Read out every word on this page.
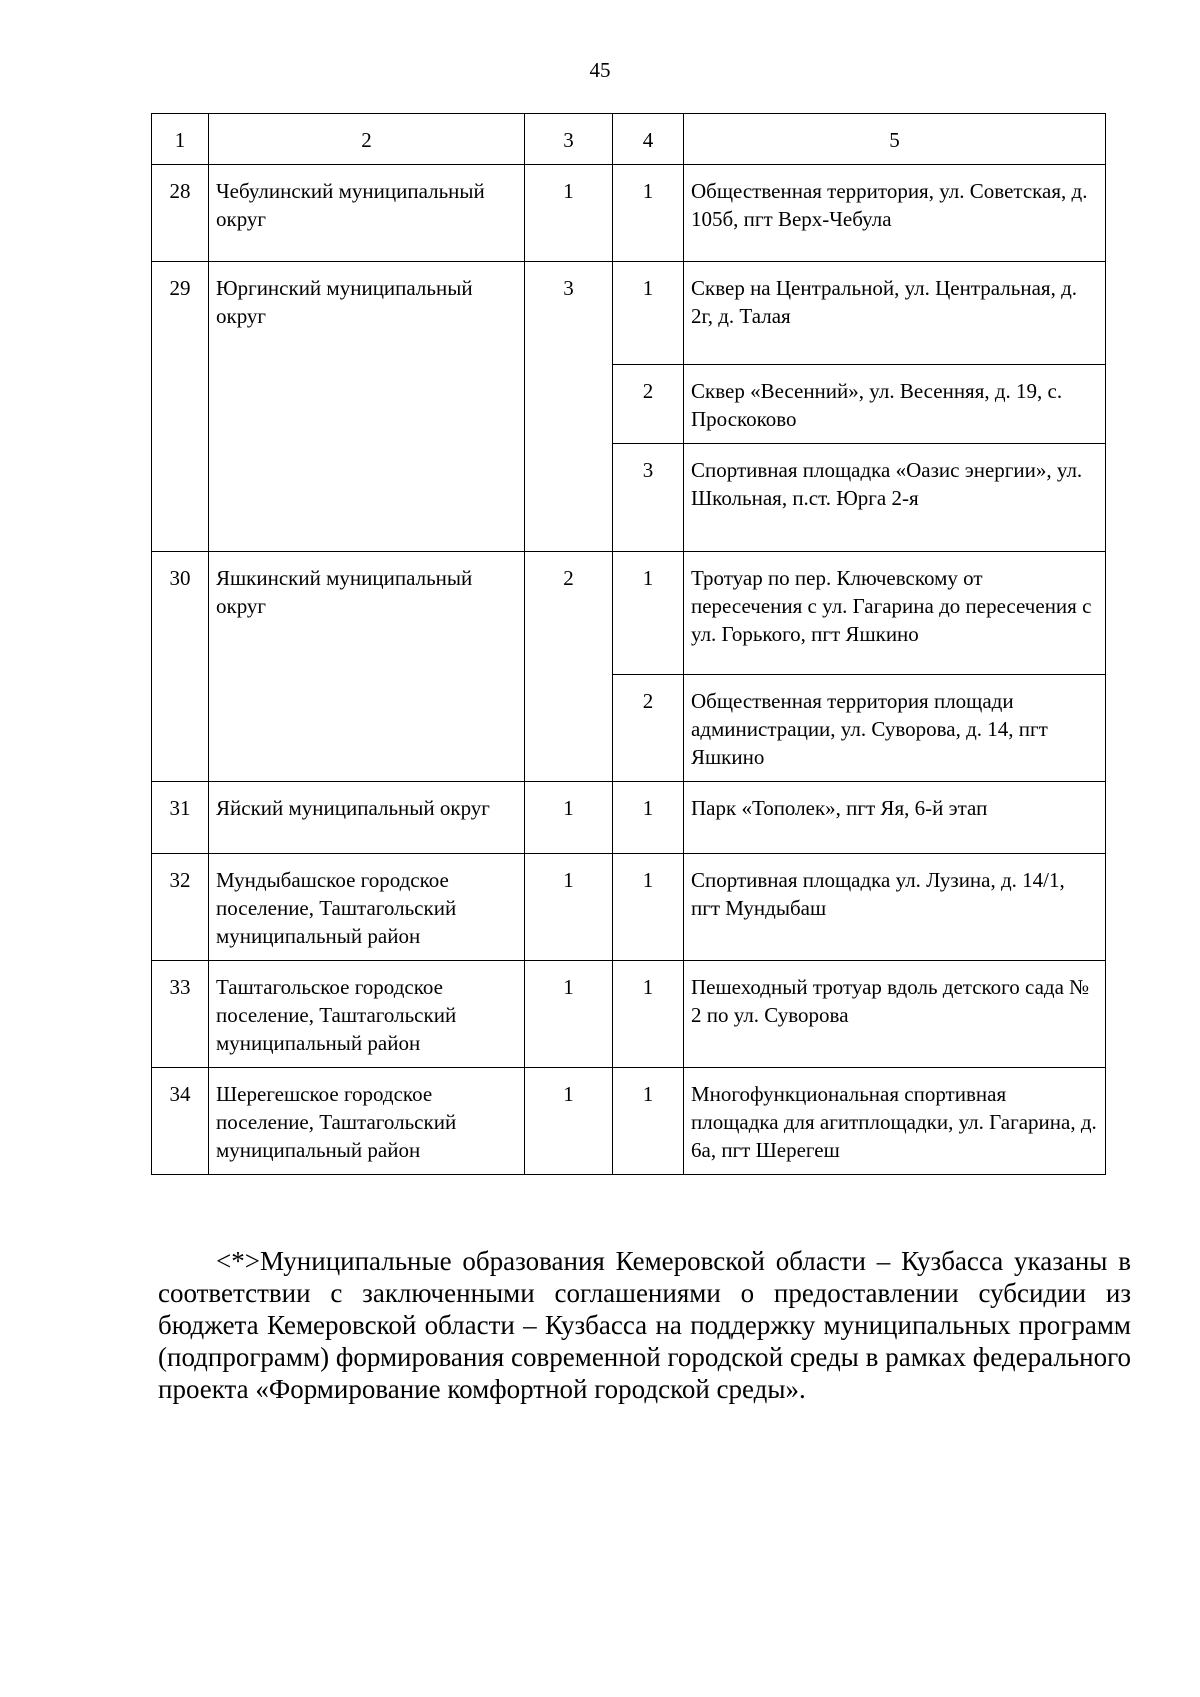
45
1	2	3	4	5
28	Чебулинский муниципальный округ	1	1	Общественная территория, ул. Советская, д. 105б, пгт Верх-Чебула
29	Юргинский муниципальный округ	3	1	Сквер на Центральной, ул. Центральная, д. 2г, д. Талая
			2	Сквер «Весенний», ул. Весенняя, д. 19, с. Проскоково
			3	Спортивная площадка «Оазис энергии», ул. Школьная, п.ст. Юрга 2-я
30	Яшкинский муниципальный округ	2	1	Тротуар по пер. Ключевскому от пересечения с ул. Гагарина до пересечения с ул. Горького, пгт Яшкино
			2	Общественная территория площади администрации, ул. Суворова, д. 14, пгт Яшкино
31	Яйский муниципальный округ	1	1	Парк «Тополек», пгт Яя, 6-й этап
32	Мундыбашское городское поселение, Таштагольский муниципальный район	1	1	Спортивная площадка ул. Лузина, д. 14/1, пгт Мундыбаш
33	Таштагольское городское поселение, Таштагольский муниципальный район	1	1	Пешеходный тротуар вдоль детского сада № 2 по ул. Суворова
34	Шерегешское городское поселение, Таштагольский муниципальный район	1	1	Многофункциональная спортивная площадка для агитплощадки, ул. Гагарина, д. 6а, пгт Шерегеш

<*>Муниципальные образования Кемеровской области – Кузбасса указаны в соответствии с заключенными соглашениями о предоставлении субсидии из бюджета Кемеровской области – Кузбасса на поддержку муниципальных программ (подпрограмм) формирования современной городской среды в рамках федерального проекта «Формирование комфортной городской среды».
